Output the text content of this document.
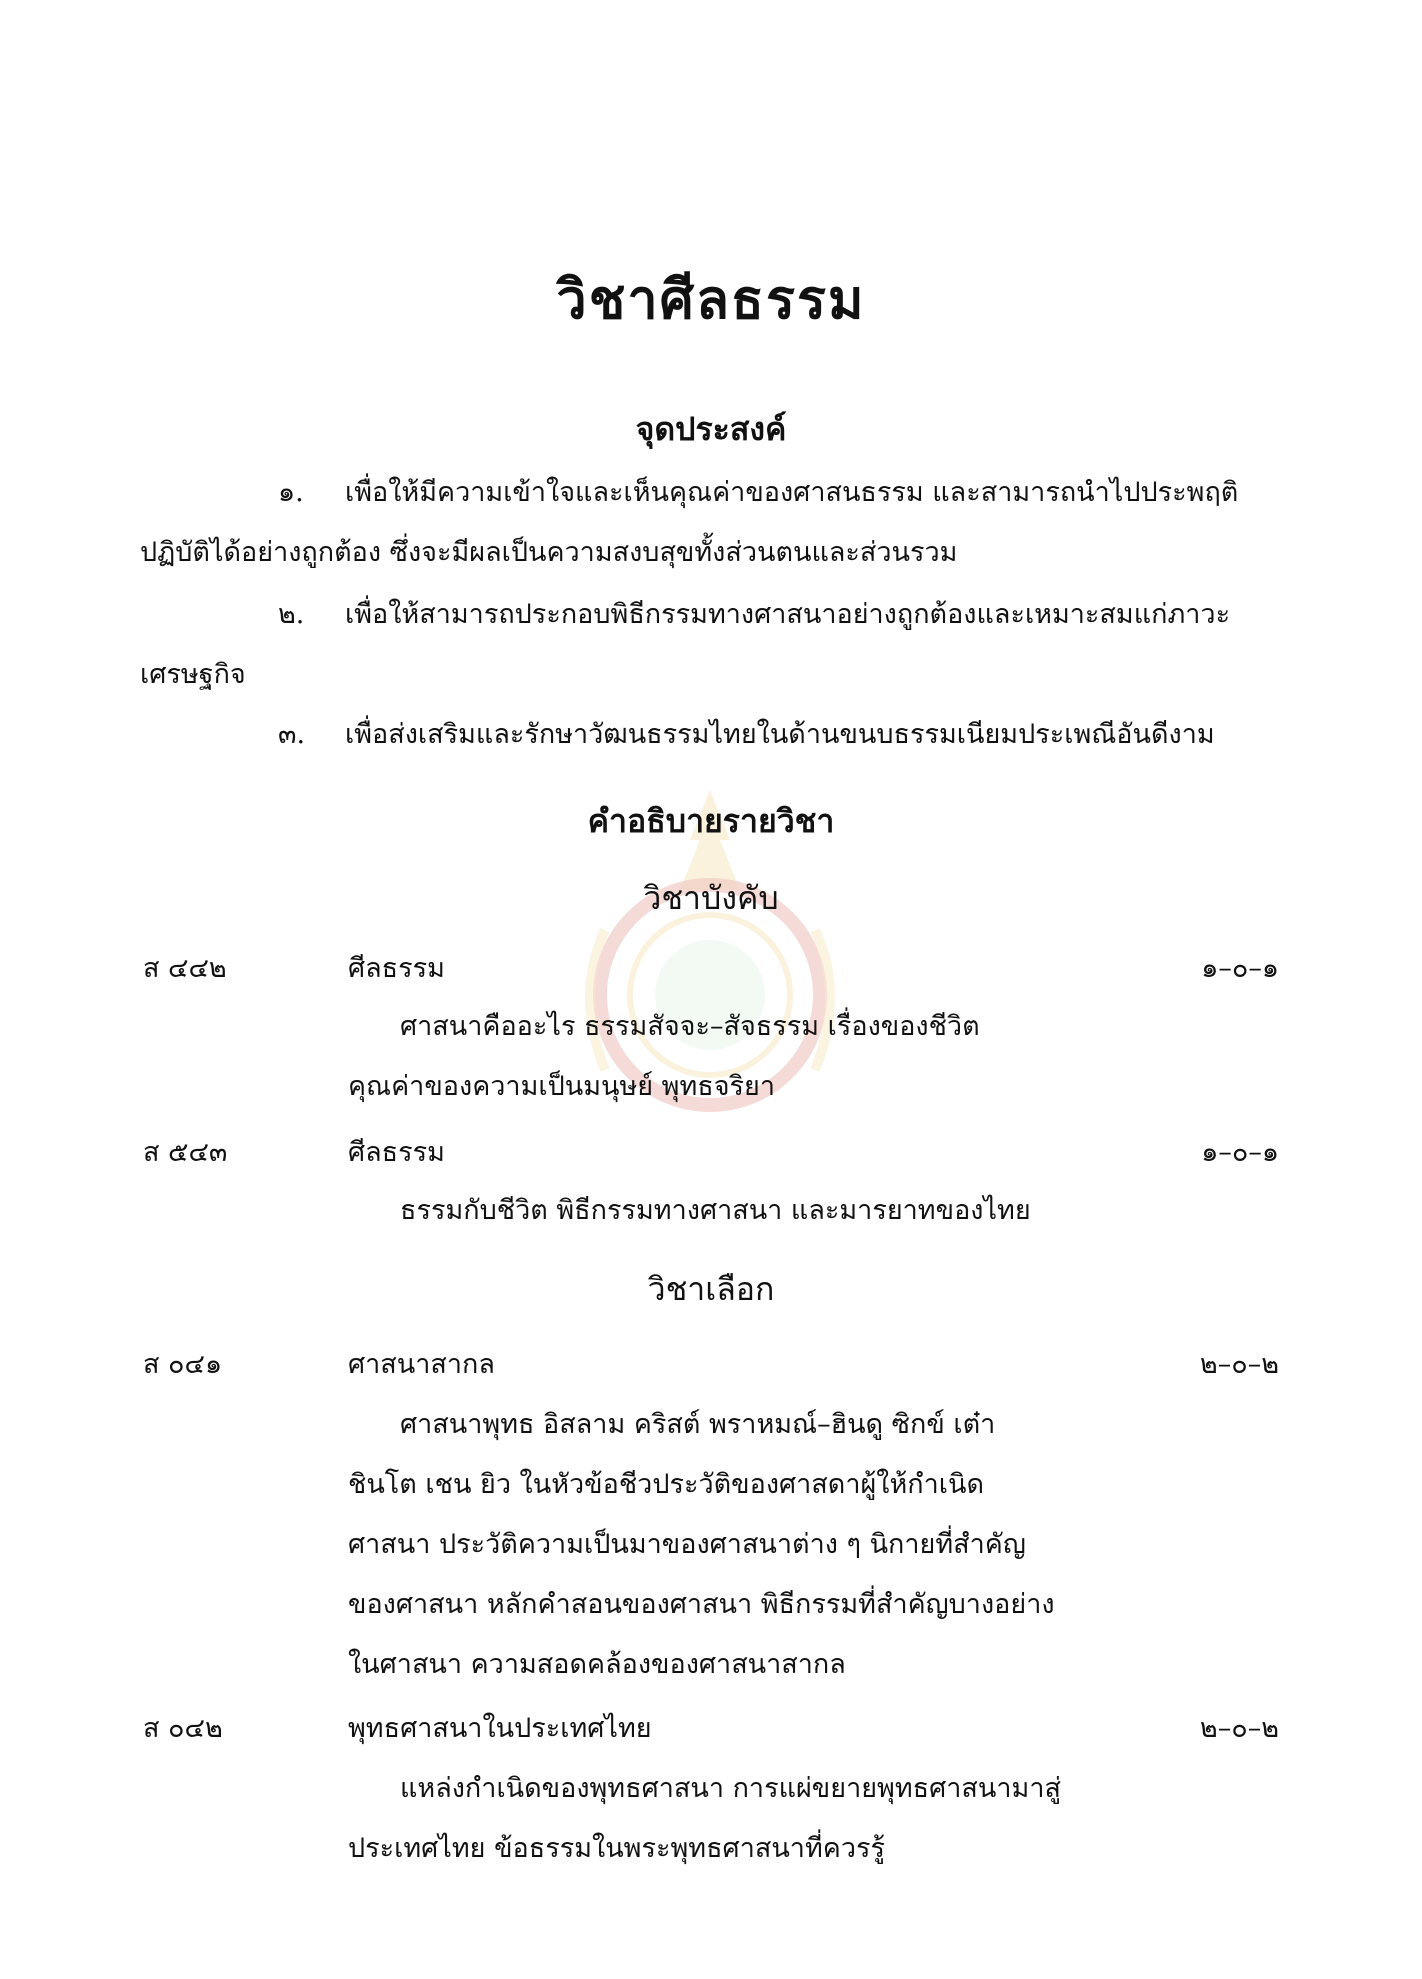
วิชาศีลธรรม
จุดประสงค์
๑. เพื่อให้มีความเข้าใจและเห็นคุณค่าของศาสนธรรม และสามารถนำไปประพฤติ
ปฏิบัติได้อย่างถูกต้อง ซึ่งจะมีผลเป็นความสงบสุขทั้งส่วนตนและส่วนรวม
๒. เพื่อให้สามารถประกอบพิธีกรรมทางศาสนาอย่างถูกต้องและเหมาะสมแก่ภาวะ
เศรษฐกิจ
๓. เพื่อส่งเสริมและรักษาวัฒนธรรมไทยในด้านขนบธรรมเนียมประเพณีอันดีงาม
คำอธิบายรายวิชา
วิชาบังคับ
ส ๔๔๒	ศีลธรรม	๑–๐–๑
ศาสนาคืออะไร ธรรมสัจจะ–สัจธรรม เรื่องของชีวิต
คุณค่าของความเป็นมนุษย์ พุทธจริยา
ส ๕๔๓	ศีลธรรม	๑–๐–๑
ธรรมกับชีวิต พิธีกรรมทางศาสนา และมารยาทของไทย
วิชาเลือก
ส ๐๔๑	ศาสนาสากล	๒–๐–๒
ศาสนาพุทธ อิสลาม คริสต์ พราหมณ์–ฮินดู ซิกข์ เต๋า
ชินโต เชน ยิว ในหัวข้อชีวประวัติของศาสดาผู้ให้กำเนิด
ศาสนา ประวัติความเป็นมาของศาสนาต่าง ๆ นิกายที่สำคัญ
ของศาสนา หลักคำสอนของศาสนา พิธีกรรมที่สำคัญบางอย่าง
ในศาสนา ความสอดคล้องของศาสนาสากล
ส ๐๔๒	พุทธศาสนาในประเทศไทย	๒–๐–๒
แหล่งกำเนิดของพุทธศาสนา การแผ่ขยายพุทธศาสนามาสู่
ประเทศไทย ข้อธรรมในพระพุทธศาสนาที่ควรรู้
